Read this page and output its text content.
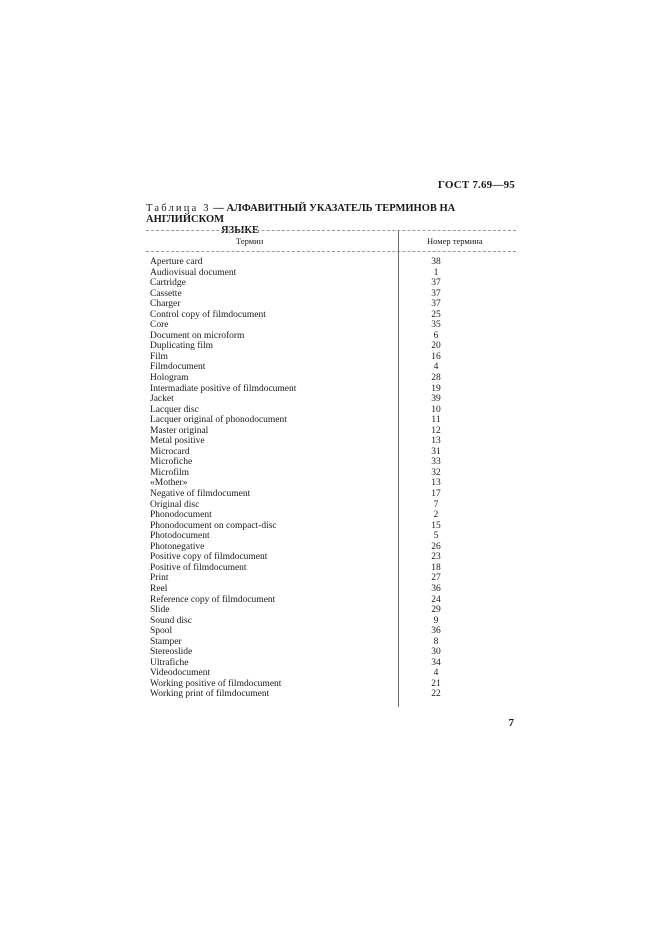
ГОСТ 7.69—95
Таблица 3 — АЛФАВИТНЫЙ УКАЗАТЕЛЬ ТЕРМИНОВ НА АНГЛИЙСКОМ
ЯЗЫКЕ
Термин	Номер термина
Aperture card	38
Audiovisual document	1
Cartridge	37
Cassette	37
Charger	37
Control copy of filmdocument	25
Core	35
Document on microform	6
Duplicating film	20
Film	16
Filmdocument	4
Hologram	28
Intermadiate positive of filmdocument	19
Jacket	39
Lacquer disc	10
Lacquer original of phonodocument	11
Master original	12
Metal positive	13
Microcard	31
Microfiche	33
Microfilm	32
«Mother»	13
Negative of filmdocument	17
Original disc	7
Phonodocument	2
Phonodocument on compact-disc	15
Photodocument	5
Photonegative	26
Positive copy of filmdocument	23
Positive of filmdocument	18
Print	27
Reel	36
Reference copy of filmdocument	24
Slide	29
Sound disc	9
Spool	36
Stamper	8
Stereoslide	30
Ultrafiche	34
Videodocument	4
Working positive of filmdocument	21
Working print of filmdocument	22
7
